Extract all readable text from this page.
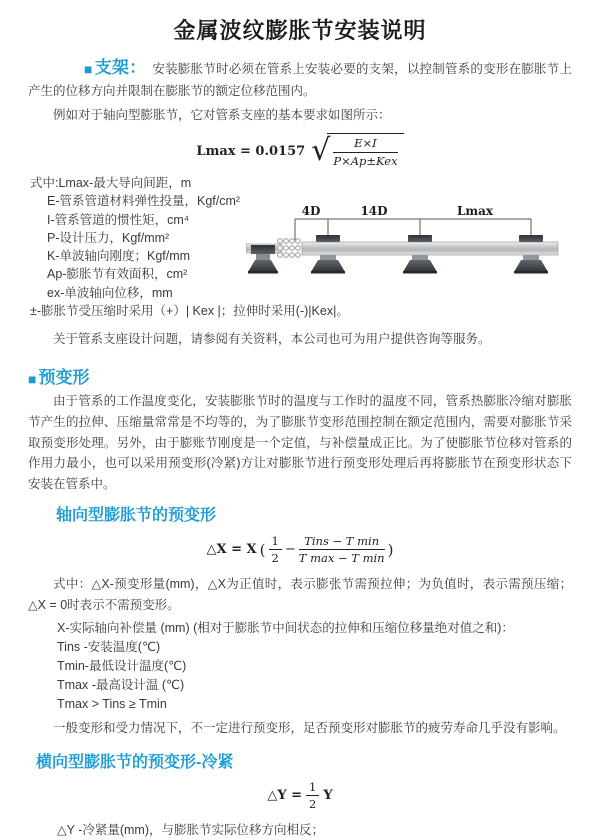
金属波纹膨胀节安装说明

■ 支架： 安装膨胀节时必须在管系上安装必要的支架，以控制管系的变形在膨胀节上产生的位移方向并限制在膨胀节的额定位移范围内。

例如对于轴向型膨胀节，它对管系支座的基本要求如图所示：

Lmax = 0.0157 √ $\frac{E\times I}{\text{P×Ap±Kex}}$
式中:Lmax-最大导向间距，m
E-管系管道材料弹性投量，Kgf/cm²
I-管系管道的惯性矩，cm⁴
P-设计压力，Kgf/mm²
K-单波轴向刚度；Kgf/mm
Ap-膨胀节有效面积，cm²
ex-单波轴向位移，mm
±-膨胀节受压缩时采用（+）| Kex |；拉伸时采用(-)|Kex|。
4D	14D	Lmax

关于管系支座设计问题，请参阅有关资料，本公司也可为用户提供咨询等服务。

■ 预变形

由于管系的工作温度变化，安装膨胀节时的温度与工作时的温度不同，管系热膨胀冷缩对膨胀节产生的拉伸、压缩量常常是不均等的，为了膨胀节变形范围控制在额定范围内，需要对膨胀节采取预变形处理。另外，由于膨账节刚度是一个定值，与补偿量成正比。为了使膨胀节位移对管系的作用力最小，也可以采用预变形(冷紧)方让对膨胀节进行预变形处理后再将膨胀节在预变形状态下安装在管系中。

轴向型膨胀节的预变形
△X = X ( $\frac{1}{2} - \frac{\text{Tins − T min}}{\text{T max − T min}}$ )

式中：△X-预变形量(mm)，△X为正值时，表示膨张节需预拉伸；为负值时，表示需预压缩；△X = 0时表示不需预变形。

X-实际轴向补偿量 (mm) (相对于膨胀节中间状态的拉伸和压缩位移量绝对值之和)：
Tins -安装温度(℃)
Tmin-最低设计温度(℃)
Tmax -最高设计温 (℃)
Tmax > Tins ≥ Tmin

一般变形和受力情况下，不一定进行预变形，足否预变形对膨胀节的疲劳寿命几乎没有影响。

横向型膨胀节的预变形-冷紧
△Y = $\frac{1}{2}$ Y
△Y -冷紧量(mm)，与膨胀节实际位移方向相反；
